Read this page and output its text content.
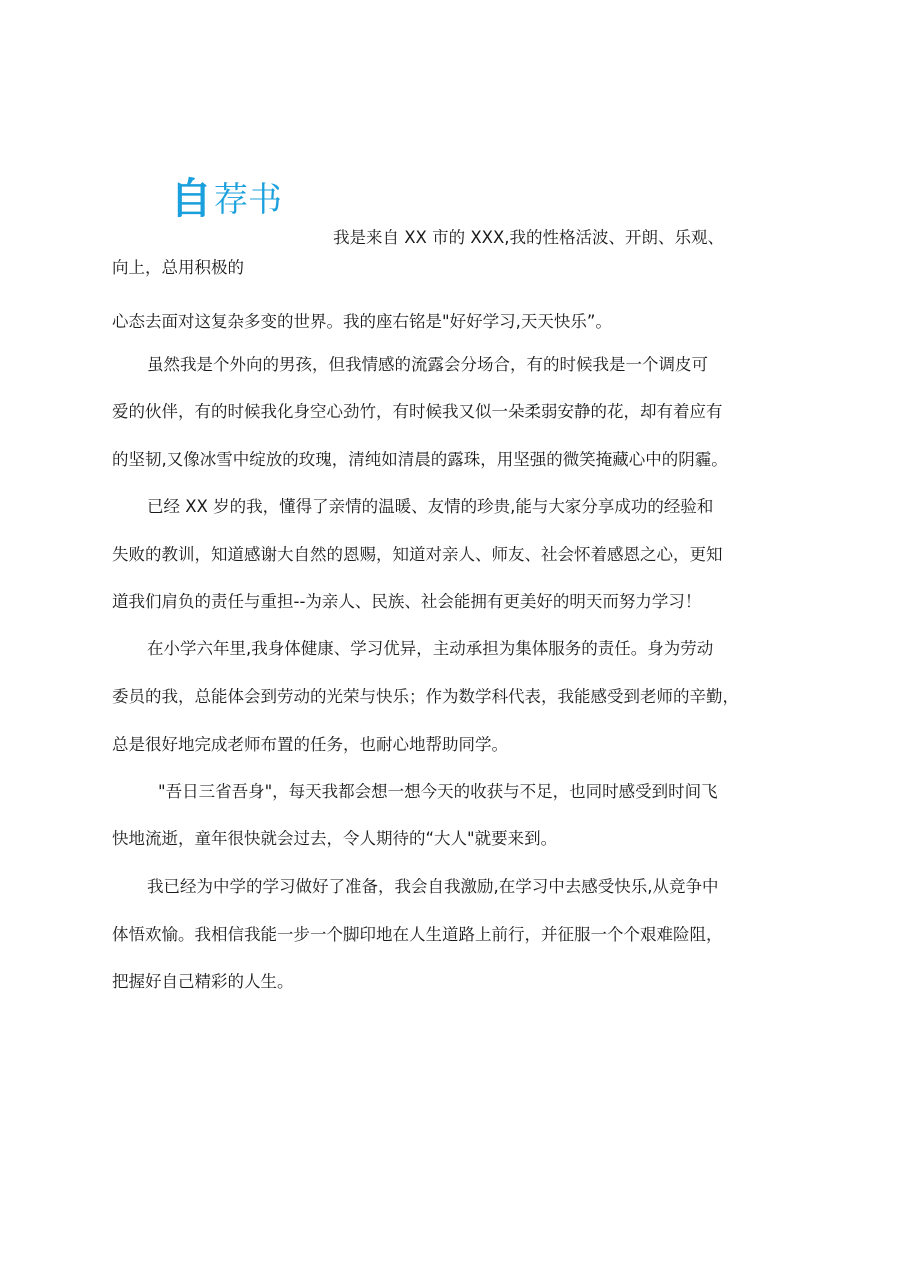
自 荐书
我是来自 XX 市的 XXX,我的性格活波、开朗、乐观、
向上，总用积极的
心态去面对这复杂多变的世界。我的座右铭是"好好学习,天天快乐”。
虽然我是个外向的男孩，但我情感的流露会分场合，有的时候我是一个调皮可
爱的伙伴，有的时候我化身空心劲竹，有时候我又似一朵柔弱安静的花，却有着应有
的坚韧,又像冰雪中绽放的玫瑰，清纯如清晨的露珠，用坚强的微笑掩藏心中的阴霾。
已经 XX 岁的我，懂得了亲情的温暖、友情的珍贵,能与大家分享成功的经验和
失败的教训，知道感谢大自然的恩赐，知道对亲人、师友、社会怀着感恩之心，更知
道我们肩负的责任与重担--为亲人、民族、社会能拥有更美好的明天而努力学习！
在小学六年里,我身体健康、学习优异，主动承担为集体服务的责任。身为劳动
委员的我，总能体会到劳动的光荣与快乐；作为数学科代表，我能感受到老师的辛勤，
总是很好地完成老师布置的任务，也耐心地帮助同学。
"吾日三省吾身"，每天我都会想一想今天的收获与不足，也同时感受到时间飞
快地流逝，童年很快就会过去，令人期待的“大人"就要来到。
我已经为中学的学习做好了准备，我会自我激励,在学习中去感受快乐,从竞争中
体悟欢愉。我相信我能一步一个脚印地在人生道路上前行，并征服一个个艰难险阻，
把握好自己精彩的人生。
